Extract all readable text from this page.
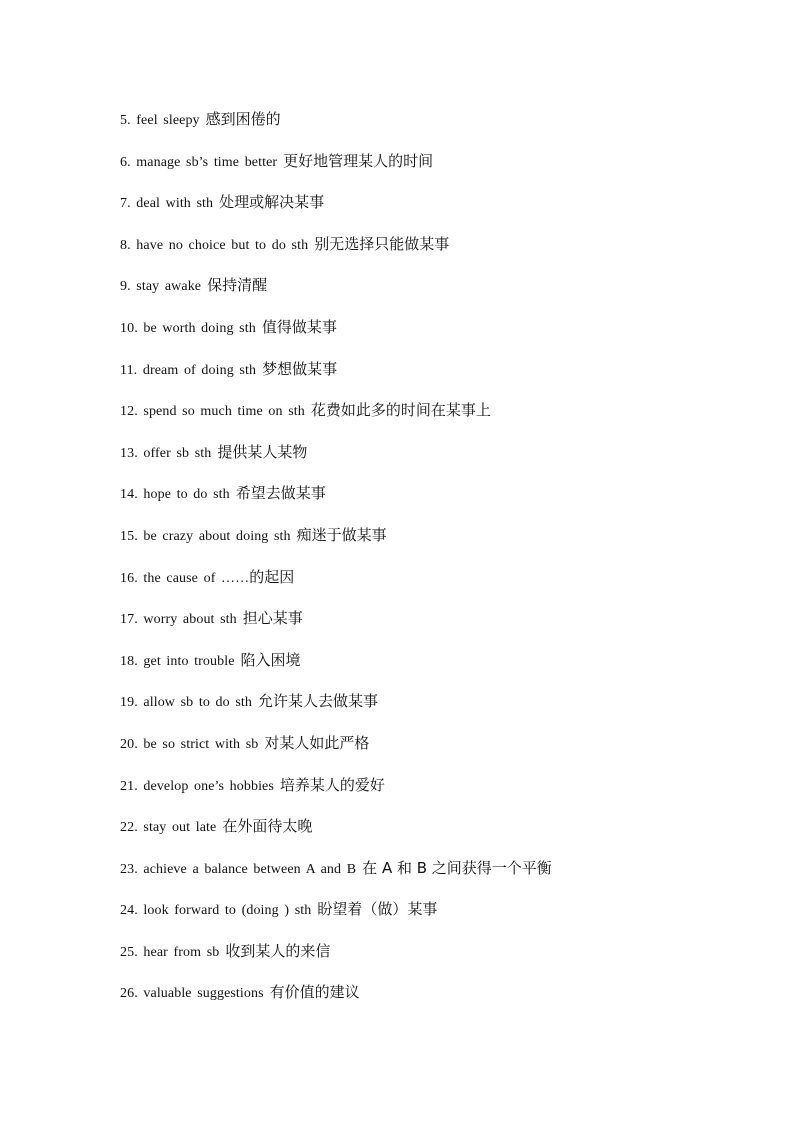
5. feel sleepy 感到困倦的
6. manage sb’s time better 更好地管理某人的时间
7. deal with sth 处理或解决某事
8. have no choice but to do sth 别无选择只能做某事
9. stay awake 保持清醒
10. be worth doing sth 值得做某事
11. dream of doing sth 梦想做某事
12. spend so much time on sth 花费如此多的时间在某事上
13. offer sb sth 提供某人某物
14. hope to do sth 希望去做某事
15. be crazy about doing sth 痴迷于做某事
16. the cause of ……的起因
17. worry about sth 担心某事
18. get into trouble 陷入困境
19. allow sb to do sth 允许某人去做某事
20. be so strict with sb 对某人如此严格
21. develop one’s hobbies 培养某人的爱好
22. stay out late 在外面待太晚
23. achieve a balance between A and B 在 A 和 B 之间获得一个平衡
24. look forward to (doing ) sth 盼望着（做）某事
25. hear from sb 收到某人的来信
26. valuable suggestions 有价值的建议
